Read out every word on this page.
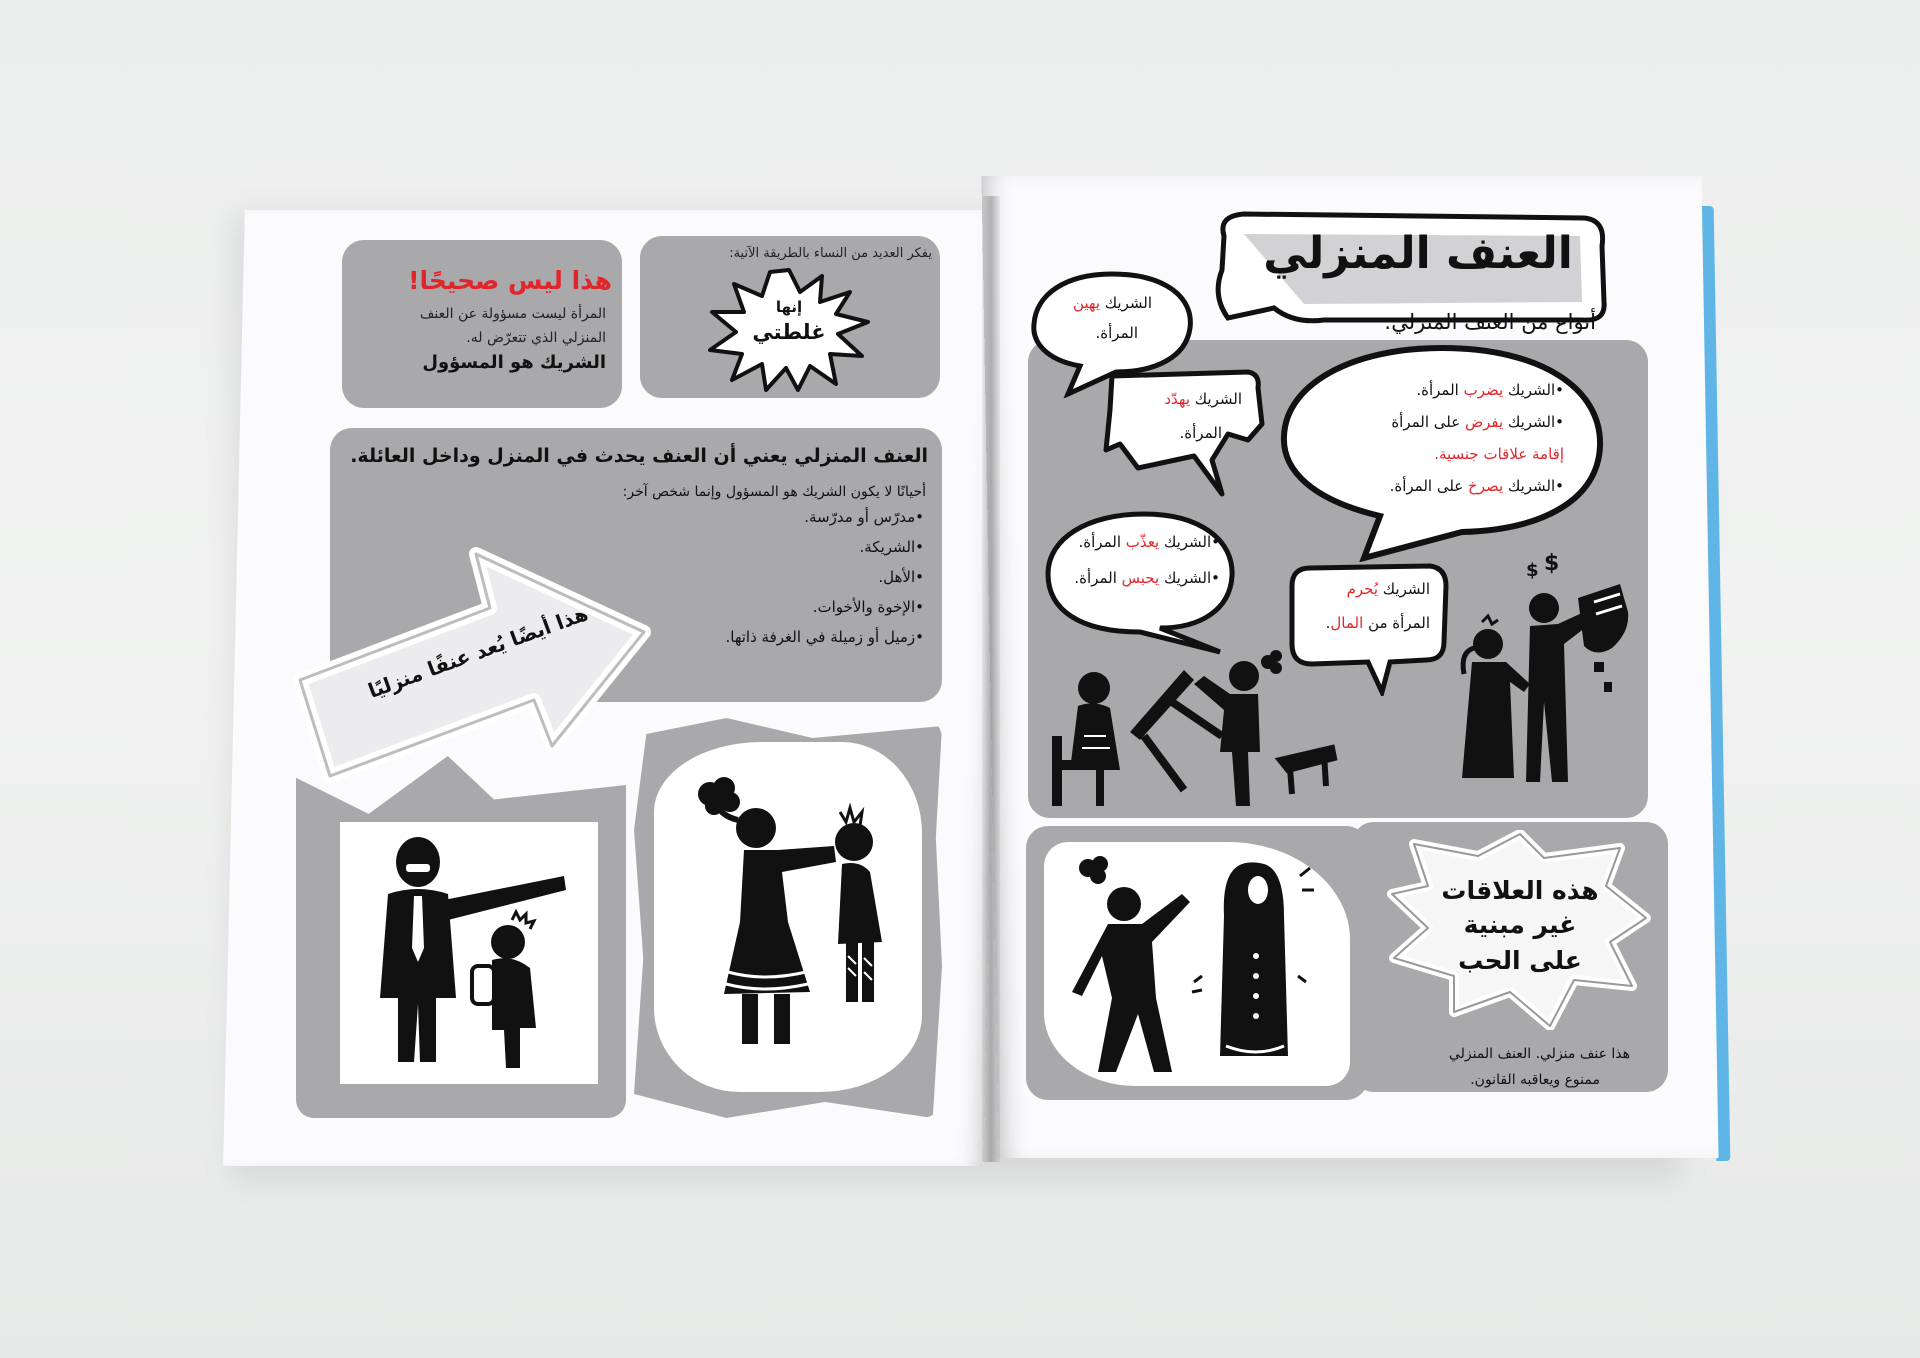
هذا ليس صحيحًا!
المرأة ليست مسؤولة عن العنف
المنزلي الذي تتعرّض له.
الشريك هو المسؤول
يفكر العديد من النساء بالطريقة الآتية:
إنها
غلطتي
العنف المنزلي يعني أن العنف يحدث في المنزل وداخل العائلة.
أحيانًا لا يكون الشريك هو المسؤول وإنما شخص آخر:
•مدرّس أو مدرّسة.
•الشريكة.
•الأهل.
•الإخوة والأخوات.
•زميل أو زميلة في الغرفة ذاتها.
هذا أيضًا يُعد عنفًا منزليًا
العنف المنزلي
أنواع من العنف المنزلي:
الشريك يهين
المرأة.
الشريك يهدّد
المرأة.
•الشريك يضرب المرأة.
•الشريك يفرض على المرأة
إقامة علاقات جنسية.
•الشريك يصرخ على المرأة.
•الشريك يعذّب المرأة.
•الشريك يحبس المرأة.
الشريك يُحرم
المرأة من المال.
$ $
هذه العلاقات
غير مبنية
على الحب
هذا عنف منزلي. العنف المنزلي
ممنوع ويعاقبه القانون.
